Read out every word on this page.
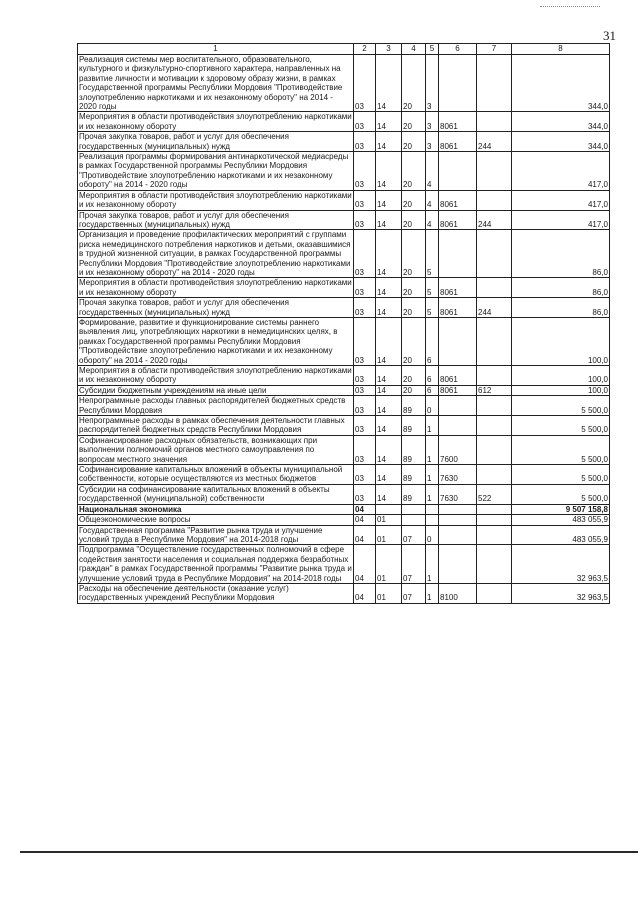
31
1	2	3	4	5	6	7	8
Реализация системы мер воспитательного, образовательного, культурного и физкультурно-спортивного характера, направленных на развитие личности и мотивации к здоровому образу жизни, в рамках Государственной программы Республики Мордовия "Противодействие злоупотреблению наркотиками и их незаконному обороту" на 2014 - 2020 годы	03	14	20	3			344,0
Мероприятия в области противодействия злоупотреблению наркотиками и их незаконному обороту	03	14	20	3	8061		344,0
Прочая закупка товаров, работ и услуг для обеспечения государственных (муниципальных) нужд	03	14	20	3	8061	244	344,0
Реализация программы формирования антинаркотической медиасреды в рамках Государственной программы Республики Мордовия "Противодействие злоупотреблению наркотиками и их незаконному обороту" на 2014 - 2020 годы	03	14	20	4			417,0
Мероприятия в области противодействия злоупотреблению наркотиками и их незаконному обороту	03	14	20	4	8061		417,0
Прочая закупка товаров, работ и услуг для обеспечения государственных (муниципальных) нужд	03	14	20	4	8061	244	417,0
Организация и проведение профилактических мероприятий с группами риска немедицинского потребления наркотиков и детьми, оказавшимися в трудной жизненной ситуации, в рамках Государственной программы Республики Мордовия "Противодействие злоупотреблению наркотиками и их незаконному обороту" на 2014 - 2020 годы	03	14	20	5			86,0
Мероприятия в области противодействия злоупотреблению наркотиками и их незаконному обороту	03	14	20	5	8061		86,0
Прочая закупка товаров, работ и услуг для обеспечения государственных (муниципальных) нужд	03	14	20	5	8061	244	86,0
Формирование, развитие и функционирование системы раннего выявления лиц, употребляющих наркотики в немедицинских целях, в рамках Государственной программы Республики Мордовия "Противодействие злоупотреблению наркотиками и их незаконному обороту" на 2014 - 2020 годы	03	14	20	6			100,0
Мероприятия в области противодействия злоупотреблению наркотиками и их незаконному обороту	03	14	20	6	8061		100,0
Субсидии бюджетным учреждениям на иные цели	03	14	20	6	8061	612	100,0
Непрограммные расходы главных распорядителей бюджетных средств Республики Мордовия	03	14	89	0			5 500,0
Непрограммные расходы в рамках обеспечения деятельности главных распорядителей бюджетных средств Республики Мордовия	03	14	89	1			5 500,0
Софинансирование расходных обязательств, возникающих при выполнении полномочий органов местного самоуправления по вопросам местного значения	03	14	89	1	7600		5 500,0
Софинансирование капитальных вложений в объекты муниципальной собственности, которые осуществляются из местных бюджетов	03	14	89	1	7630		5 500,0
Субсидии на софинансирование капитальных вложений в объекты государственной (муниципальной) собственности	03	14	89	1	7630	522	5 500,0
Национальная экономика	04						9 507 158,8
Общеэкономические вопросы	04	01					483 055,9
Государственная программа "Развитие рынка труда и улучшение условий труда в Республике Мордовия" на 2014-2018 годы	04	01	07	0			483 055,9
Подпрограмма "Осуществление государственных полномочий в сфере содействия занятости населения и социальная поддержка безработных граждан" в рамках Государственной программы "Развитие рынка труда и улучшение условий труда в Республике Мордовия" на 2014-2018 годы	04	01	07	1			32 963,5
Расходы на обеспечение деятельности (оказание услуг) государственных учреждений Республики Мордовия	04	01	07	1	8100		32 963,5
